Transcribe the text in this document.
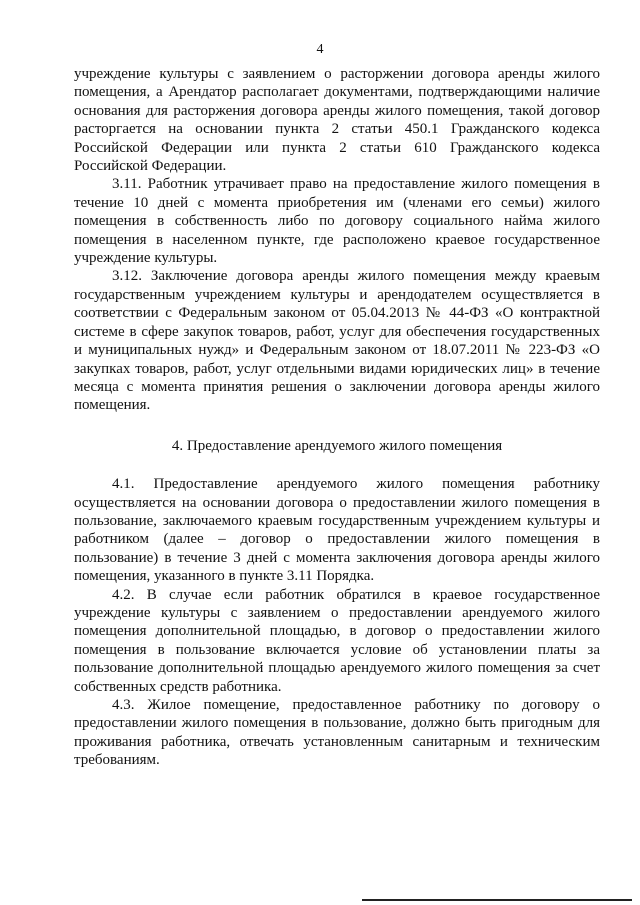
4

учреждение культуры с заявлением о расторжении договора аренды жилого помещения, а Арендатор располагает документами, подтверждающими наличие основания для расторжения договора аренды жилого помещения, такой договор расторгается на основании пункта 2 статьи 450.1 Гражданского кодекса Российской Федерации или пункта 2 статьи 610 Гражданского кодекса Российской Федерации.

3.11. Работник утрачивает право на предоставление жилого помещения в течение 10 дней с момента приобретения им (членами его семьи) жилого помещения в собственность либо по договору социального найма жилого помещения в населенном пункте, где расположено краевое государственное учреждение культуры.

3.12. Заключение договора аренды жилого помещения между краевым государственным учреждением культуры и арендодателем осуществляется в соответствии с Федеральным законом от 05.04.2013 № 44-ФЗ «О контрактной системе в сфере закупок товаров, работ, услуг для обеспечения государственных и муниципальных нужд» и Федеральным законом от 18.07.2011 № 223-ФЗ «О закупках товаров, работ, услуг отдельными видами юридических лиц» в течение месяца с момента принятия решения о заключении договора аренды жилого помещения.

4. Предоставление арендуемого жилого помещения

4.1. Предоставление арендуемого жилого помещения работнику осуществляется на основании договора о предоставлении жилого помещения в пользование, заключаемого краевым государственным учреждением культуры и работником (далее – договор о предоставлении жилого помещения в пользование) в течение 3 дней с момента заключения договора аренды жилого помещения, указанного в пункте 3.11 Порядка.

4.2. В случае если работник обратился в краевое государственное учреждение культуры с заявлением о предоставлении арендуемого жилого помещения дополнительной площадью, в договор о предоставлении жилого помещения в пользование включается условие об установлении платы за пользование дополнительной площадью арендуемого жилого помещения за счет собственных средств работника.

4.3. Жилое помещение, предоставленное работнику по договору о предоставлении жилого помещения в пользование, должно быть пригодным для проживания работника, отвечать установленным санитарным и техническим требованиям.
